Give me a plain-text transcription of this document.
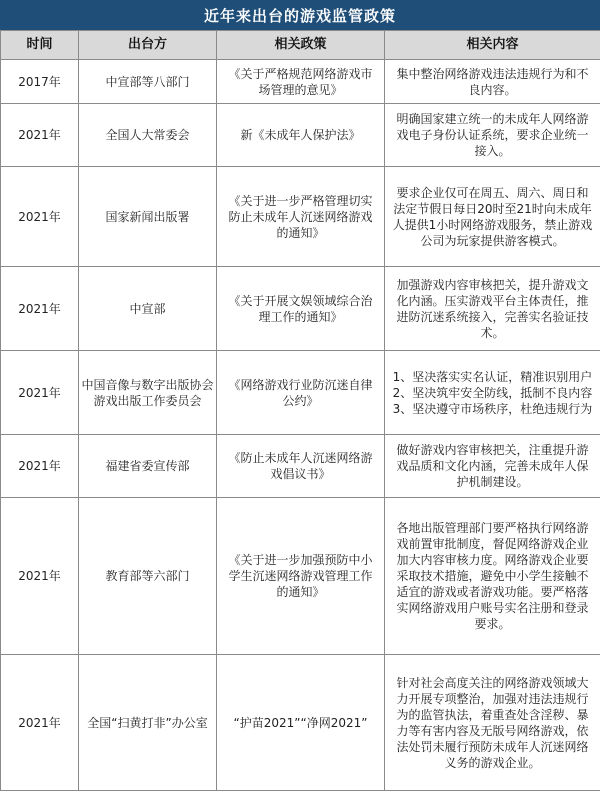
近年来出台的游戏监管政策
时间	出台方	相关政策	相关内容
2017年	中宣部等八部门	《关于严格规范网络游戏市场管理的意见》	集中整治网络游戏违法违规行为和不良内容。
2021年	全国人大常委会	新《未成年人保护法》	明确国家建立统一的未成年人网络游戏电子身份认证系统，要求企业统一接入。
2021年	国家新闻出版署	《关于进一步严格管理切实防止未成年人沉迷网络游戏的通知》	要求企业仅可在周五、周六、周日和法定节假日每日20时至21时向未成年人提供1小时网络游戏服务，禁止游戏公司为玩家提供游客模式。
2021年	中宣部	《关于开展文娱领域综合治理工作的通知》	加强游戏内容审核把关，提升游戏文化内涵。压实游戏平台主体责任，推进防沉迷系统接入，完善实名验证技术。
2021年	中国音像与数字出版协会游戏出版工作委员会	《网络游戏行业防沉迷自律公约》	1、坚决落实实名认证，精准识别用户2、坚决筑牢安全防线，抵制不良内容3、坚决遵守市场秩序，杜绝违规行为
2021年	福建省委宣传部	《防止未成年人沉迷网络游戏倡议书》	做好游戏内容审核把关，注重提升游戏品质和文化内涵，完善未成年人保护机制建设。
2021年	教育部等六部门	《关于进一步加强预防中小学生沉迷网络游戏管理工作的通知》	各地出版管理部门要严格执行网络游戏前置审批制度，督促网络游戏企业加大内容审核力度。网络游戏企业要采取技术措施，避免中小学生接触不适宜的游戏或者游戏功能。要严格落实网络游戏用户账号实名注册和登录要求。
2021年	全国“扫黄打非”办公室	“护苗2021”“净网2021”	针对社会高度关注的网络游戏领域大力开展专项整治，加强对违法违规行为的监管执法，着重查处含淫秽、暴力等有害内容及无版号网络游戏，依法处罚未履行预防未成年人沉迷网络义务的游戏企业。
